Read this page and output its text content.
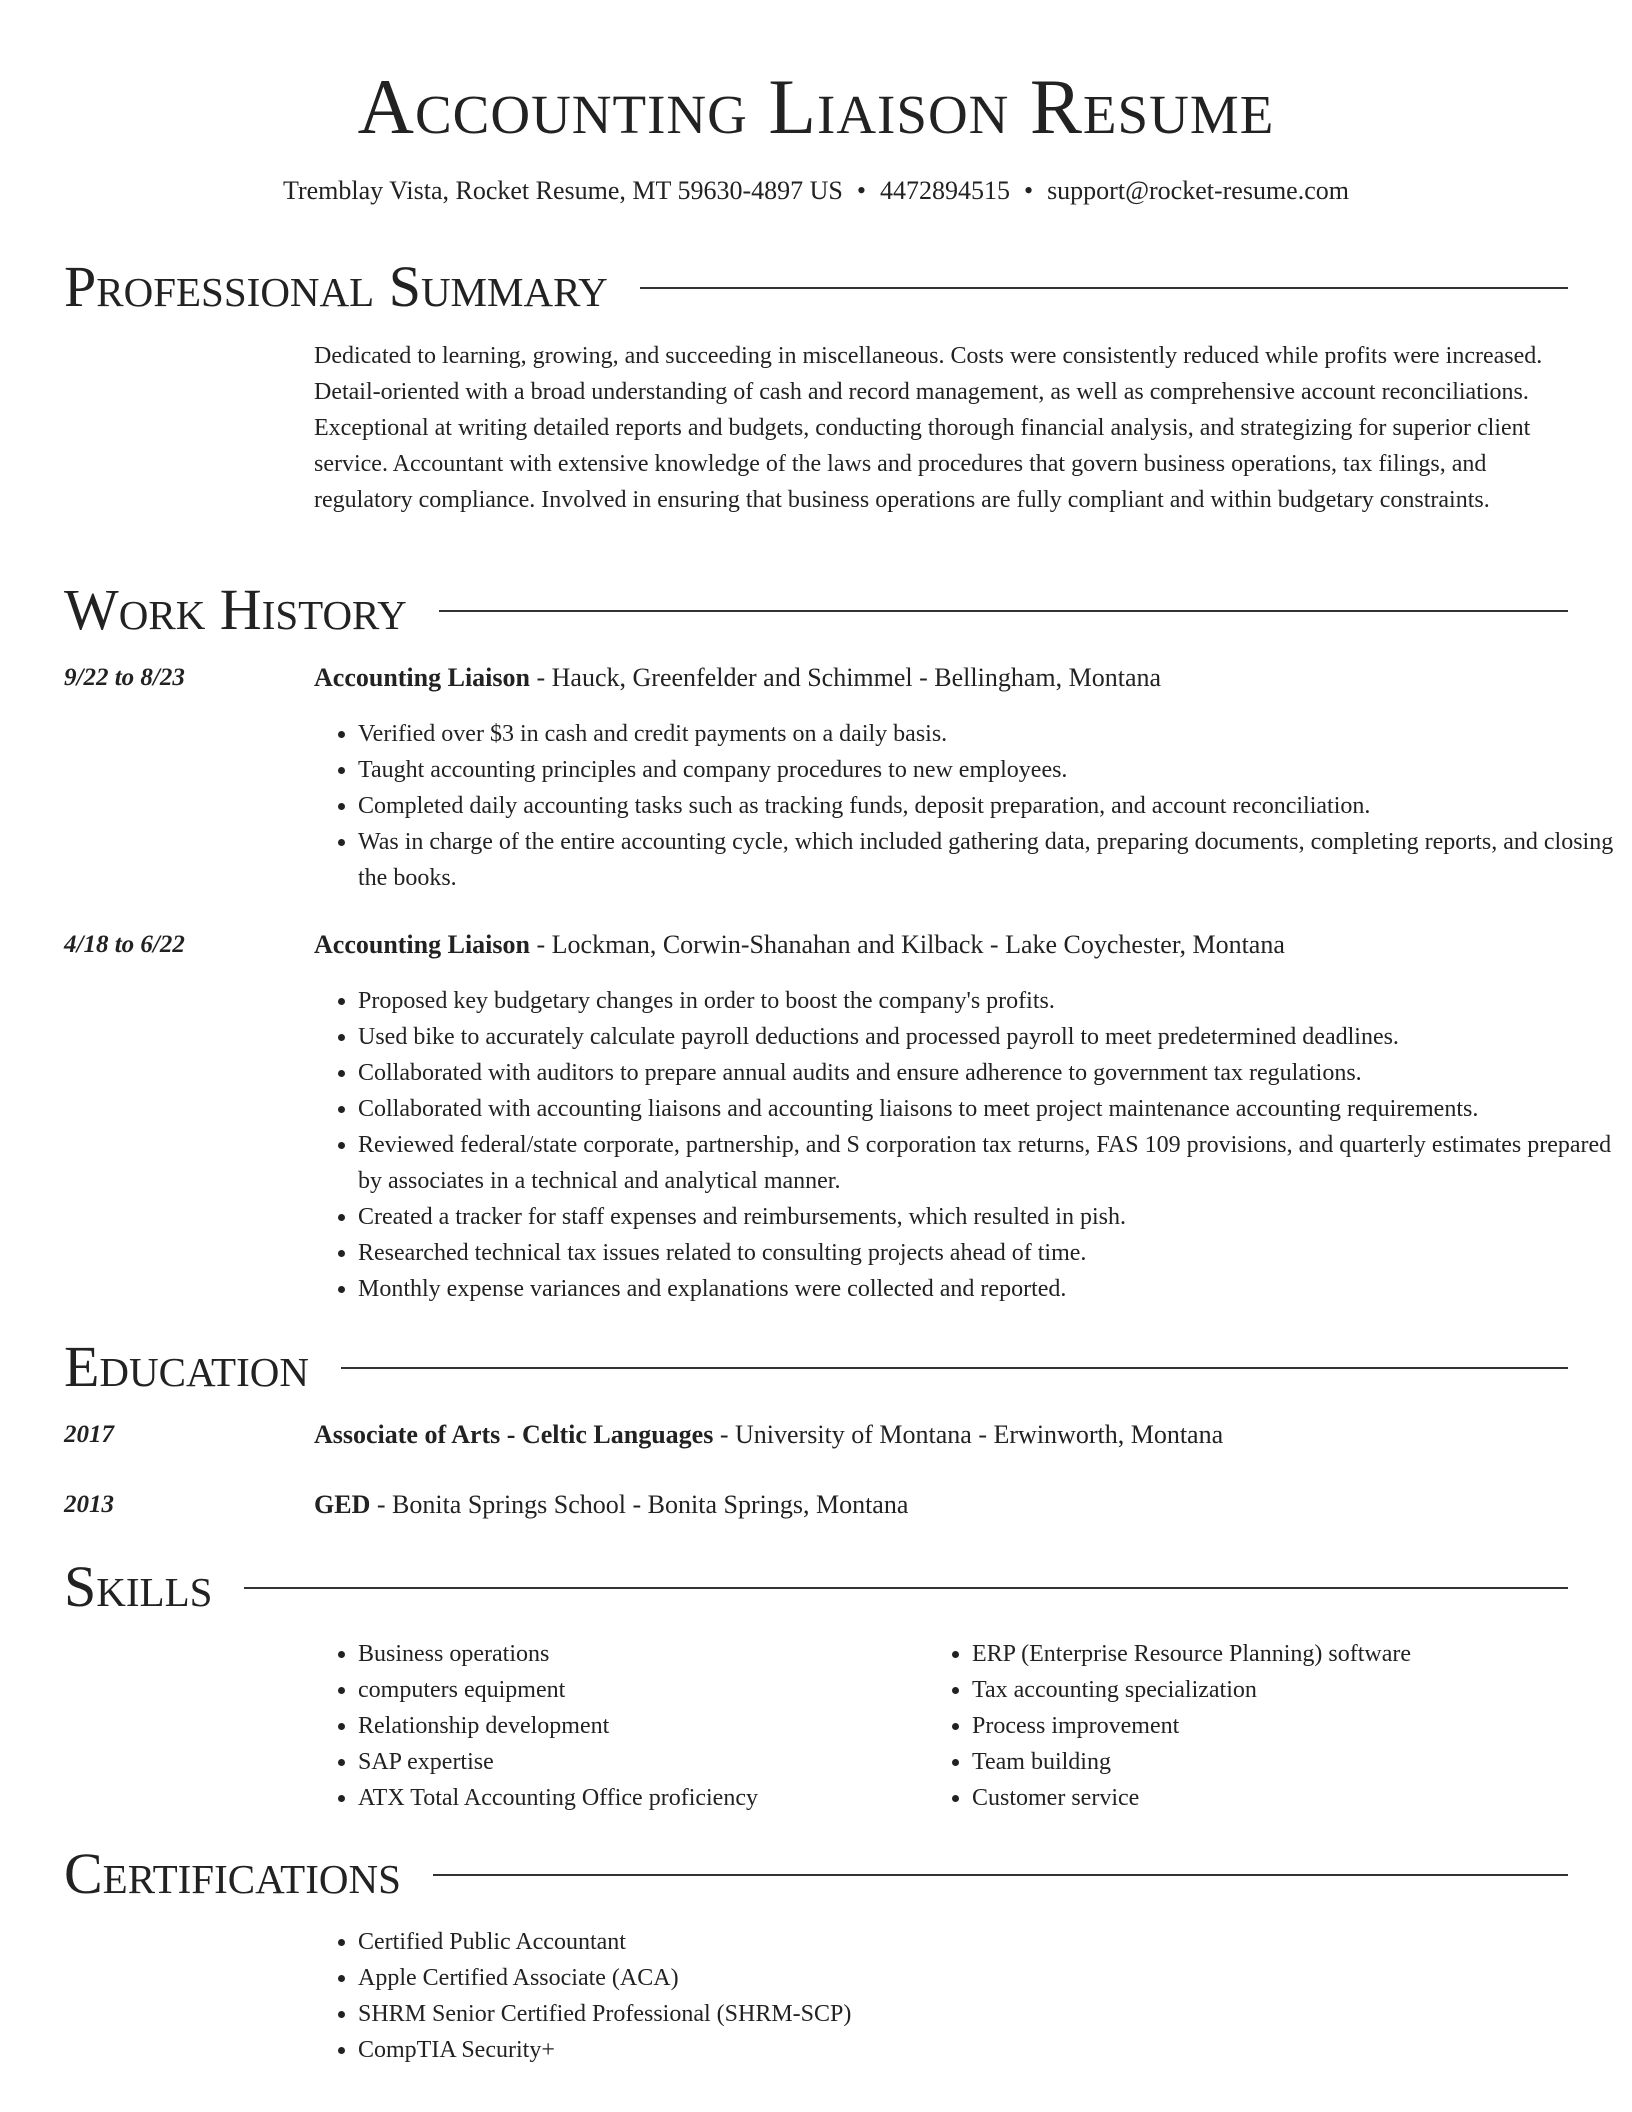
Accounting Liaison Resume
Tremblay Vista, Rocket Resume, MT 59630-4897 US • 4472894515 • support@rocket-resume.com
Professional Summary
Dedicated to learning, growing, and succeeding in miscellaneous. Costs were consistently reduced while profits were increased. Detail-oriented with a broad understanding of cash and record management, as well as comprehensive account reconciliations. Exceptional at writing detailed reports and budgets, conducting thorough financial analysis, and strategizing for superior client service. Accountant with extensive knowledge of the laws and procedures that govern business operations, tax filings, and regulatory compliance. Involved in ensuring that business operations are fully compliant and within budgetary constraints.
Work History
9/22 to 8/23	Accounting Liaison - Hauck, Greenfelder and Schimmel - Bellingham, Montana
• Verified over $3 in cash and credit payments on a daily basis.
• Taught accounting principles and company procedures to new employees.
• Completed daily accounting tasks such as tracking funds, deposit preparation, and account reconciliation.
• Was in charge of the entire accounting cycle, which included gathering data, preparing documents, completing reports, and closing the books.
4/18 to 6/22	Accounting Liaison - Lockman, Corwin-Shanahan and Kilback - Lake Coychester, Montana
• Proposed key budgetary changes in order to boost the company's profits.
• Used bike to accurately calculate payroll deductions and processed payroll to meet predetermined deadlines.
• Collaborated with auditors to prepare annual audits and ensure adherence to government tax regulations.
• Collaborated with accounting liaisons and accounting liaisons to meet project maintenance accounting requirements.
• Reviewed federal/state corporate, partnership, and S corporation tax returns, FAS 109 provisions, and quarterly estimates prepared by associates in a technical and analytical manner.
• Created a tracker for staff expenses and reimbursements, which resulted in pish.
• Researched technical tax issues related to consulting projects ahead of time.
• Monthly expense variances and explanations were collected and reported.
Education
2017	Associate of Arts - Celtic Languages - University of Montana - Erwinworth, Montana
2013	GED - Bonita Springs School - Bonita Springs, Montana
Skills
• Business operations
• computers equipment
• Relationship development
• SAP expertise
• ATX Total Accounting Office proficiency
• ERP (Enterprise Resource Planning) software
• Tax accounting specialization
• Process improvement
• Team building
• Customer service
Certifications
• Certified Public Accountant
• Apple Certified Associate (ACA)
• SHRM Senior Certified Professional (SHRM-SCP)
• CompTIA Security+
